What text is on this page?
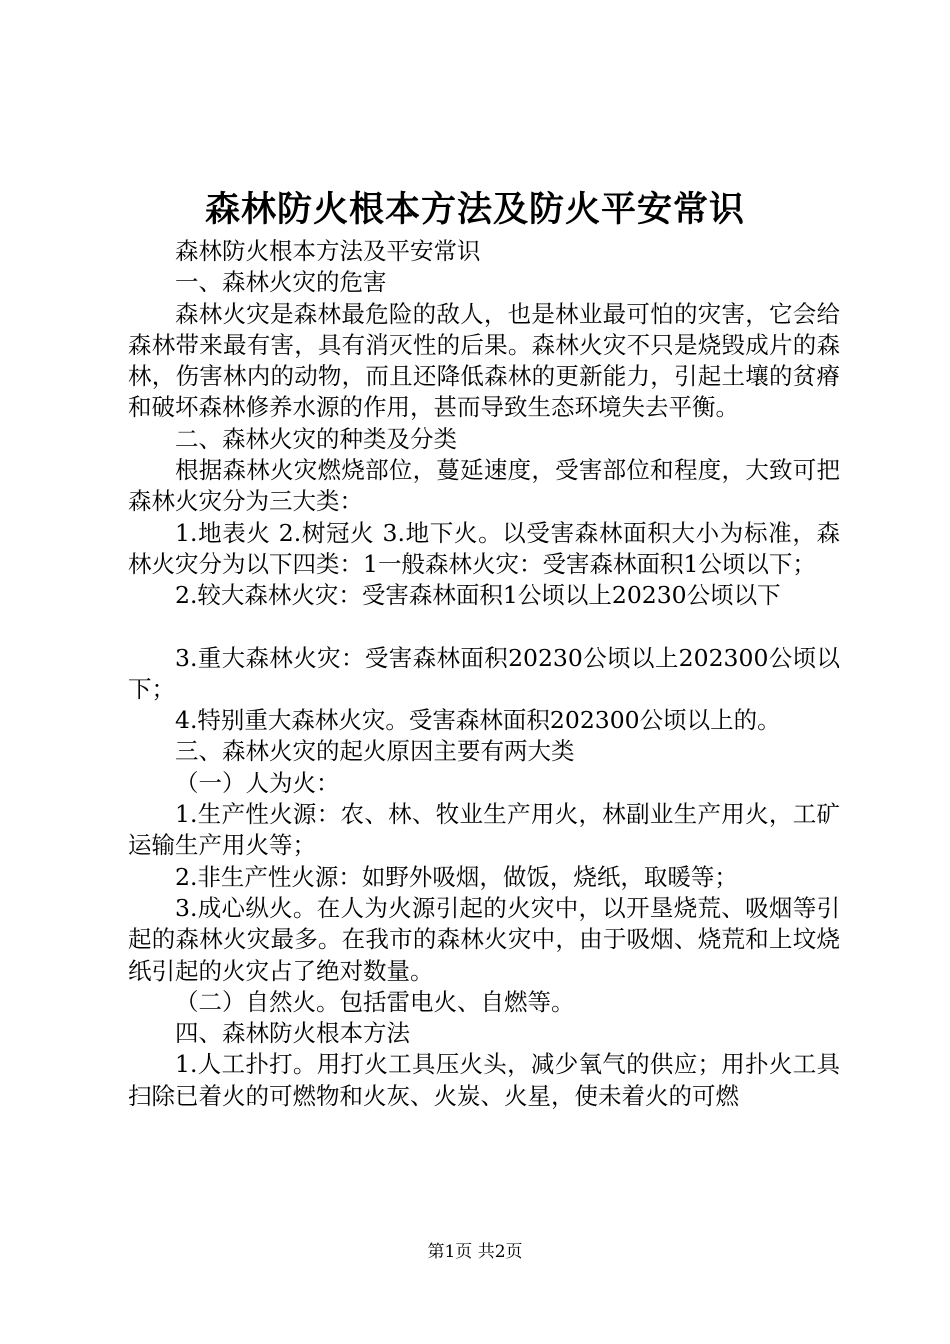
森林防火根本方法及防火平安常识

森林防火根本方法及平安常识

一、森林火灾的危害

森林火灾是森林最危险的敌人，也是林业最可怕的灾害，它会给森林带来最有害，具有消灭性的后果。森林火灾不只是烧毁成片的森林，伤害林内的动物，而且还降低森林的更新能力，引起土壤的贫瘠和破坏森林修养水源的作用，甚而导致生态环境失去平衡。

二、森林火灾的种类及分类

根据森林火灾燃烧部位，蔓延速度，受害部位和程度，大致可把森林火灾分为三大类：

1.地表火 2.树冠火 3.地下火。以受害森林面积大小为标准，森林火灾分为以下四类：1一般森林火灾：受害森林面积1公顷以下；

2.较大森林火灾：受害森林面积1公顷以上20230公顷以下

3.重大森林火灾：受害森林面积20230公顷以上202300公顷以下；

4.特别重大森林火灾。受害森林面积202300公顷以上的。

三、森林火灾的起火原因主要有两大类

（一）人为火：

1.生产性火源：农、林、牧业生产用火，林副业生产用火，工矿运输生产用火等；

2.非生产性火源：如野外吸烟，做饭，烧纸，取暖等；

3.成心纵火。在人为火源引起的火灾中，以开垦烧荒、吸烟等引起的森林火灾最多。在我市的森林火灾中，由于吸烟、烧荒和上坟烧纸引起的火灾占了绝对数量。

（二）自然火。包括雷电火、自燃等。

四、森林防火根本方法

1.人工扑打。用打火工具压火头，减少氧气的供应；用扑火工具扫除已着火的可燃物和火灰、火炭、火星，使未着火的可燃

第1页 共2页
